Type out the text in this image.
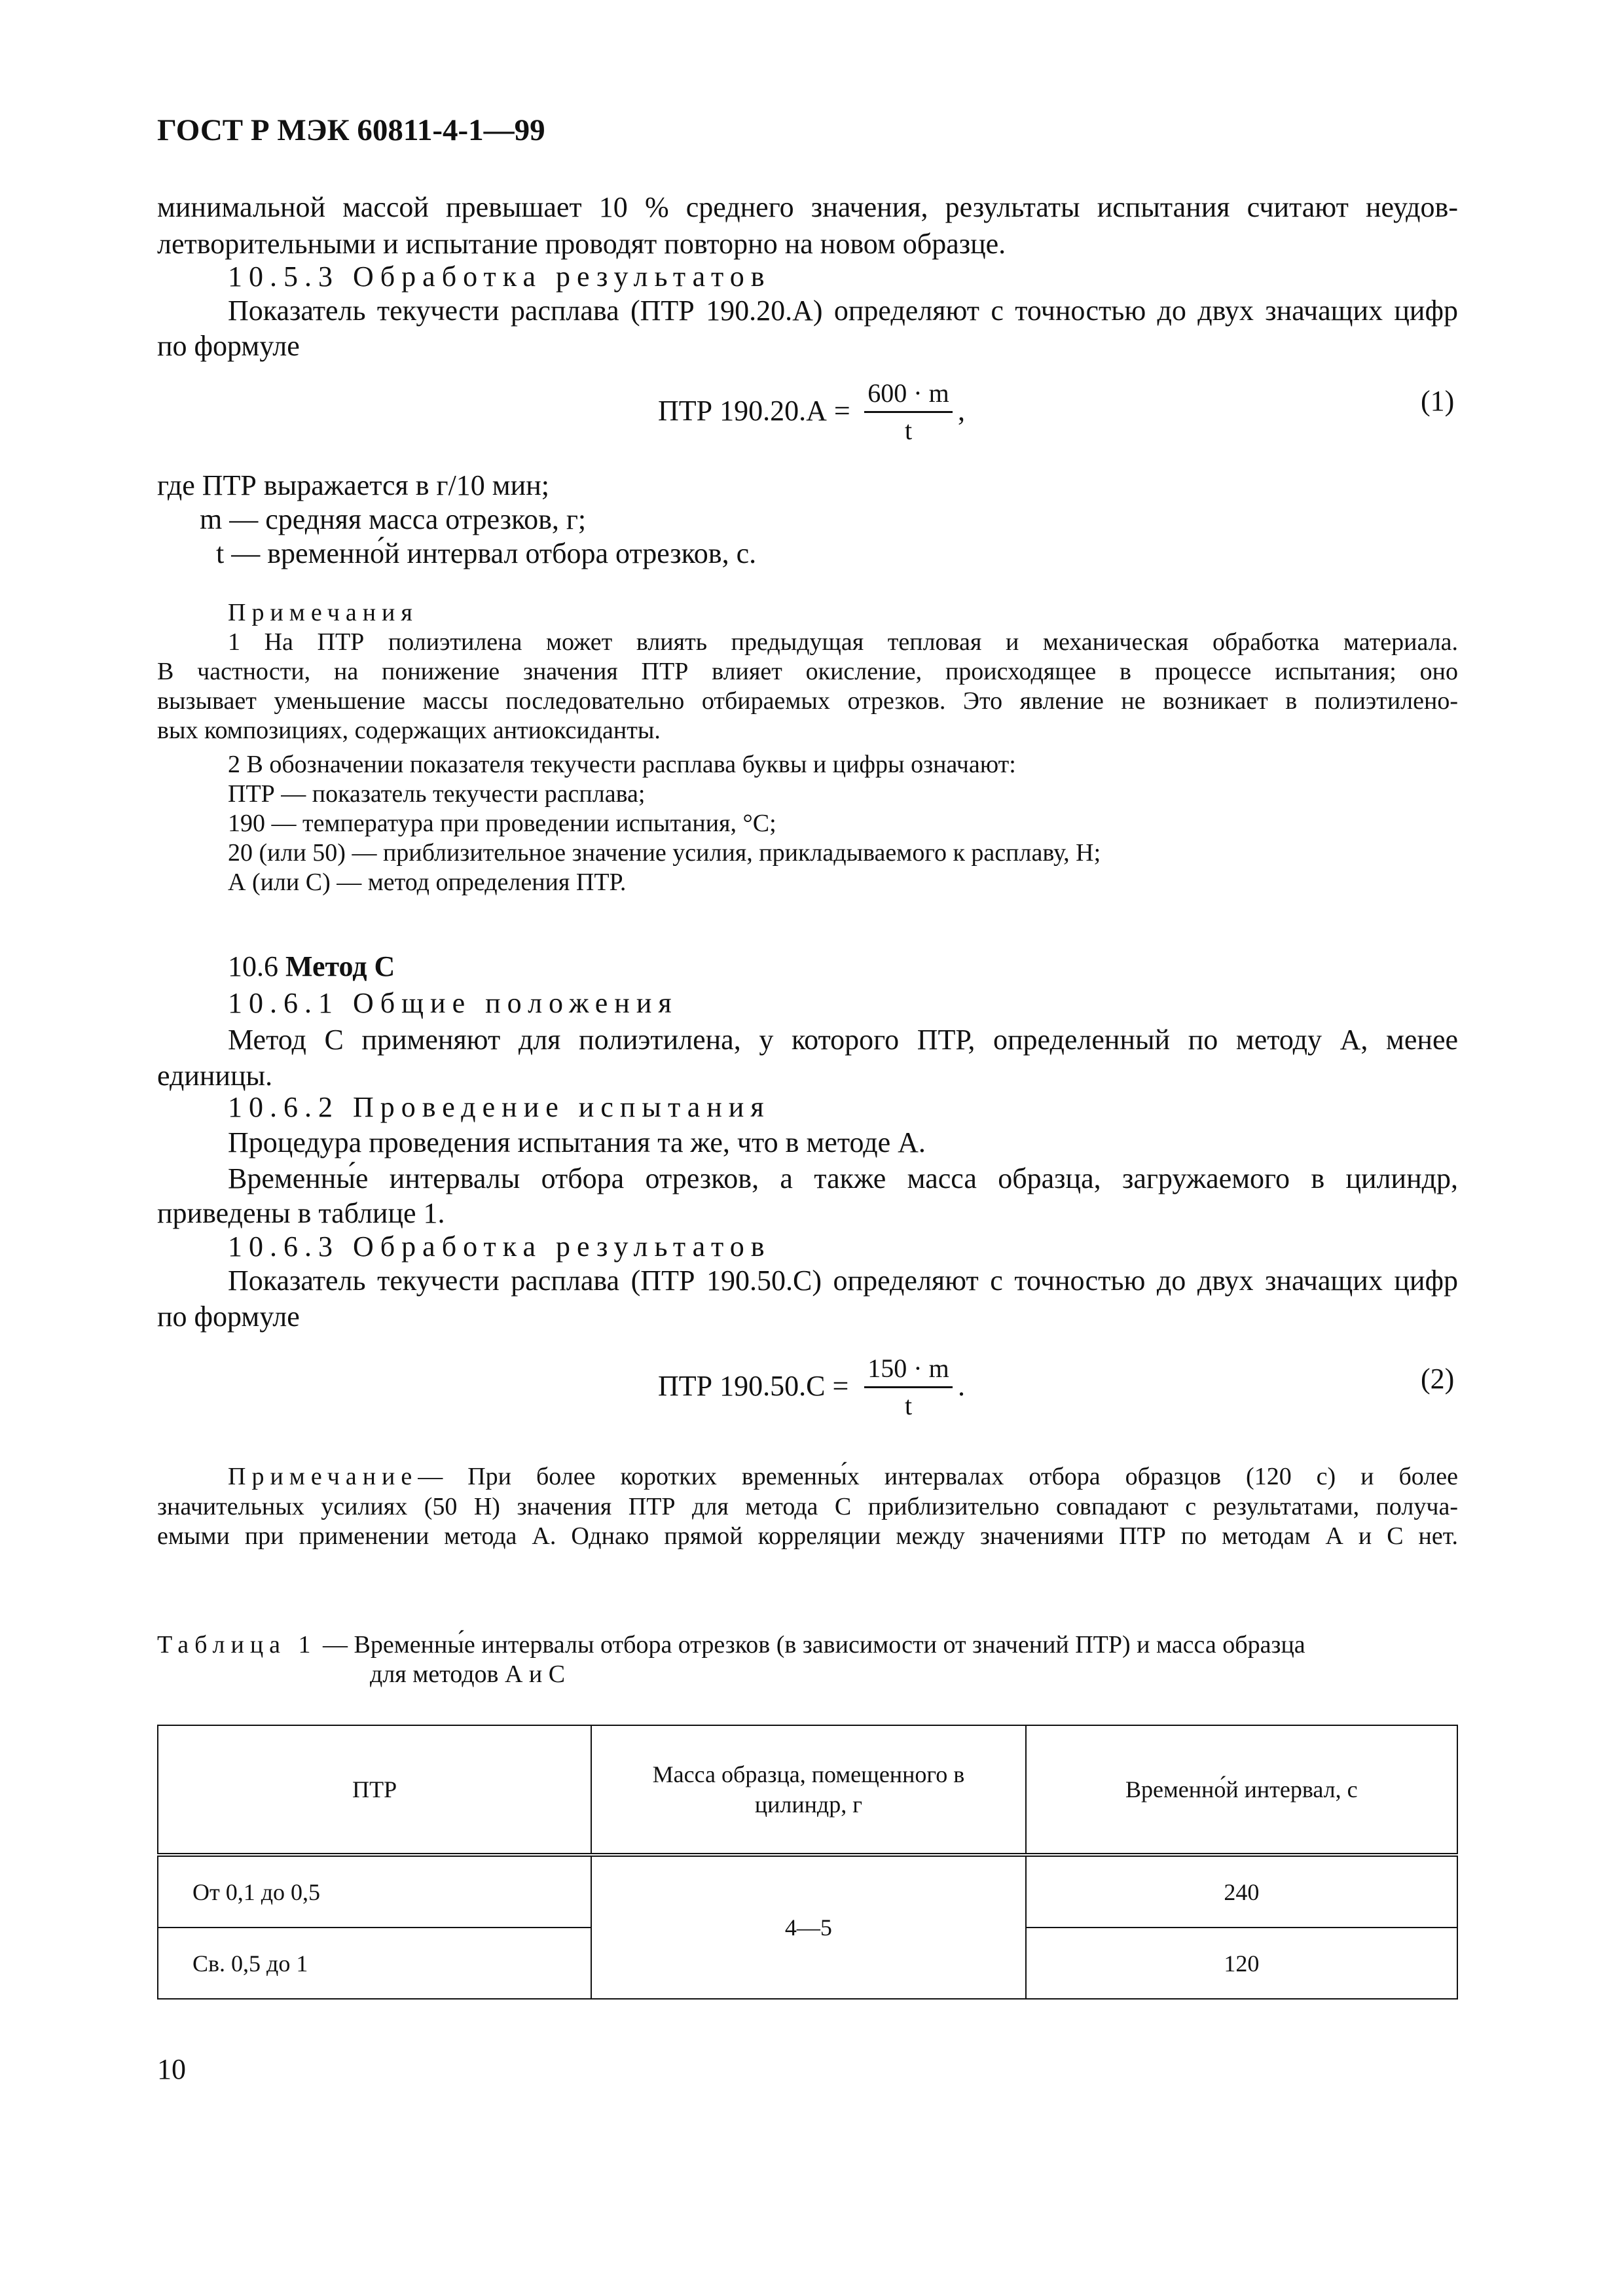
ГОСТ Р МЭК 60811-4-1—99
минимальной массой превышает 10 % среднего значения, результаты испытания считают неудов-
летворительными и испытание проводят повторно на новом образце.
10.5.3 Обработка результатов
Показатель текучести расплава (ПТР 190.20.А) определяют с точностью до двух значащих цифр
по формуле
ПТР 190.20.А =
600 · m
t
,	(1)
где ПТР выражается в г/10 мин;
m — средняя масса отрезков, г;
t — временно́й интервал отбора отрезков, с.
Примечания
1 На ПТР полиэтилена может влиять предыдущая тепловая и механическая обработка материала.
В частности, на понижение значения ПТР влияет окисление, происходящее в процессе испытания; оно
вызывает уменьшение массы последовательно отбираемых отрезков. Это явление не возникает в полиэтилено-
вых композициях, содержащих антиоксиданты.
2 В обозначении показателя текучести расплава буквы и цифры означают:
ПТР — показатель текучести расплава;
190 — температура при проведении испытания, °С;
20 (или 50) — приблизительное значение усилия, прикладываемого к расплаву, Н;
А (или С) — метод определения ПТР.
10.6 Метод С
10.6.1 Общие положения
Метод С применяют для полиэтилена, у которого ПТР, определенный по методу А, менее
единицы.
10.6.2 Проведение испытания
Процедура проведения испытания та же, что в методе А.
Временны́е интервалы отбора отрезков, а также масса образца, загружаемого в цилиндр,
приведены в таблице 1.
10.6.3 Обработка результатов
Показатель текучести расплава (ПТР 190.50.С) определяют с точностью до двух значащих цифр
по формуле
ПТР 190.50.С =
150 · m
t
.	(2)
Примечание— При более коротких временны́х интервалах отбора образцов (120 с) и более
значительных усилиях (50 Н) значения ПТР для метода С приблизительно совпадают с результатами, получа-
емыми при применении метода А. Однако прямой корреляции между значениями ПТР по методам А и С нет.
Таблица 1 — Временны́е интервалы отбора отрезков (в зависимости от значений ПТР) и масса образца
для методов А и С
ПТР	Масса образца, помещенного в
цилиндр, г	Временно́й интервал, с
От 0,1 до 0,5	4—5	240
Св. 0,5 до 1		120
10
